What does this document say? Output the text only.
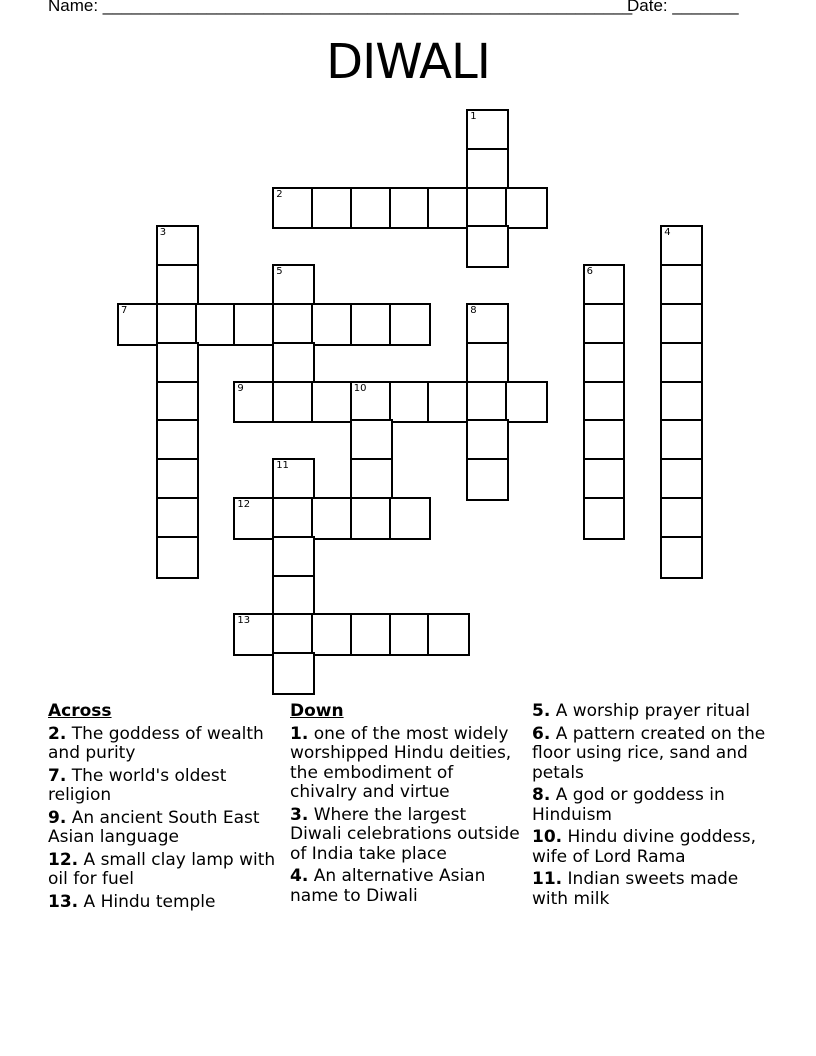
Name: ________________________________________________________
Date: _______
DIWALI
1
2
3	4
5	6
7	8
9	10
11
12
13
Across
2. The goddess of wealth and purity
7. The world's oldest religion
9. An ancient South East Asian language
12. A small clay lamp with oil for fuel
13. A Hindu temple
Down
1. one of the most widely worshipped Hindu deities, the embodiment of chivalry and virtue
3. Where the largest Diwali celebrations outside of India take place
4. An alternative Asian name to Diwali
5. A worship prayer ritual
6. A pattern created on the floor using rice, sand and petals
8. A god or goddess in Hinduism
10. Hindu divine goddess, wife of Lord Rama
11. Indian sweets made with milk
